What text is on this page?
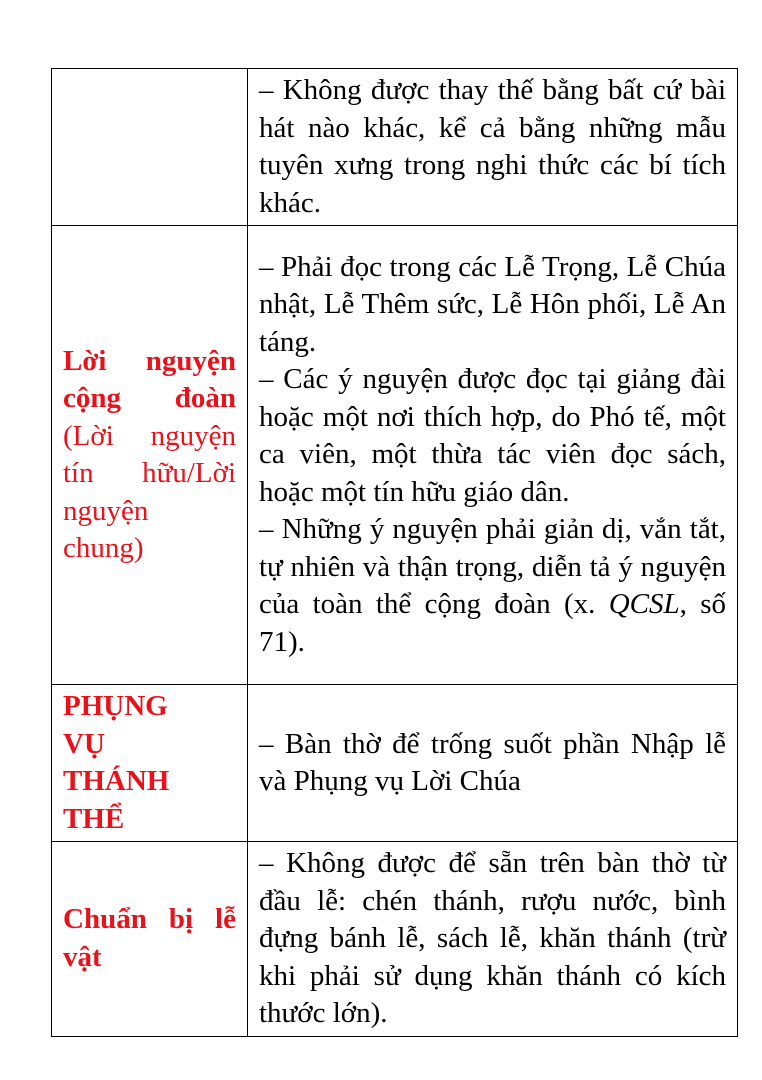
	– Không được thay thế bằng bất cứ bài hát nào khác, kể cả bằng những mẫu tuyên xưng trong nghi thức các bí tích khác.

Lời nguyện cộng đoàn (Lời nguyện tín hữu/Lời nguyện chung)	– Phải đọc trong các Lễ Trọng, Lễ Chúa nhật, Lễ Thêm sức, Lễ Hôn phối, Lễ An táng.

– Các ý nguyện được đọc tại giảng đài hoặc một nơi thích hợp, do Phó tế, một ca viên, một thừa tác viên đọc sách, hoặc một tín hữu giáo dân.

– Những ý nguyện phải giản dị, vắn tắt, tự nhiên và thận trọng, diễn tả ý nguyện của toàn thể cộng đoàn (x. QCSL, số 71).

PHỤNG VỤ THÁNH THỂ	– Bàn thờ để trống suốt phần Nhập lễ và Phụng vụ Lời Chúa

Chuẩn bị lễ vật	– Không được để sẵn trên bàn thờ từ đầu lễ: chén thánh, rượu nước, bình đựng bánh lễ, sách lễ, khăn thánh (trừ khi phải sử dụng khăn thánh có kích thước lớn).
